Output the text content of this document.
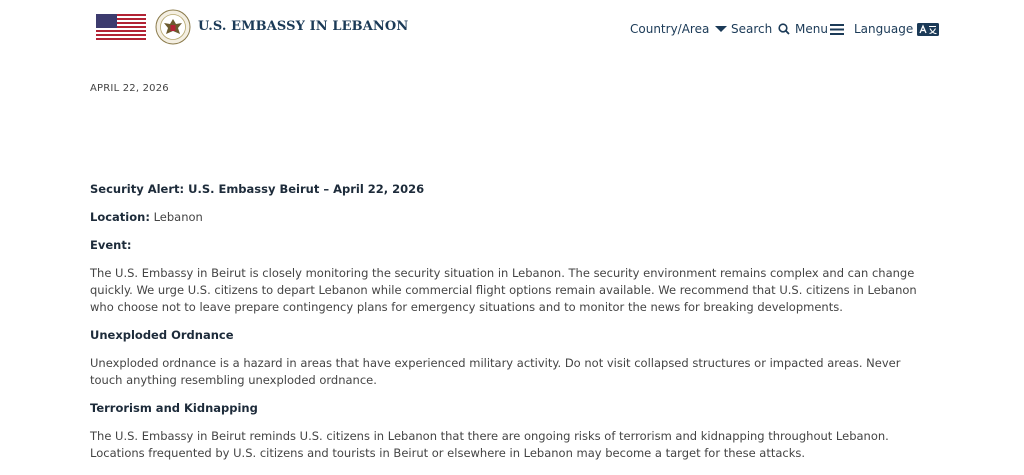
U.S. EMBASSY IN LEBANON	Country/Area Search Menu Language
APRIL 22, 2026

Security Alert: U.S. Embassy Beirut – April 22, 2026

Location: Lebanon

Event:

The U.S. Embassy in Beirut is closely monitoring the security situation in Lebanon. The security environment remains complex and can change quickly. We urge U.S. citizens to depart Lebanon while commercial flight options remain available. We recommend that U.S. citizens in Lebanon who choose not to leave prepare contingency plans for emergency situations and to monitor the news for breaking developments.

Unexploded Ordnance

Unexploded ordnance is a hazard in areas that have experienced military activity. Do not visit collapsed structures or impacted areas. Never touch anything resembling unexploded ordnance.

Terrorism and Kidnapping

The U.S. Embassy in Beirut reminds U.S. citizens in Lebanon that there are ongoing risks of terrorism and kidnapping throughout Lebanon. Locations frequented by U.S. citizens and tourists in Beirut or elsewhere in Lebanon may become a target for these attacks.
